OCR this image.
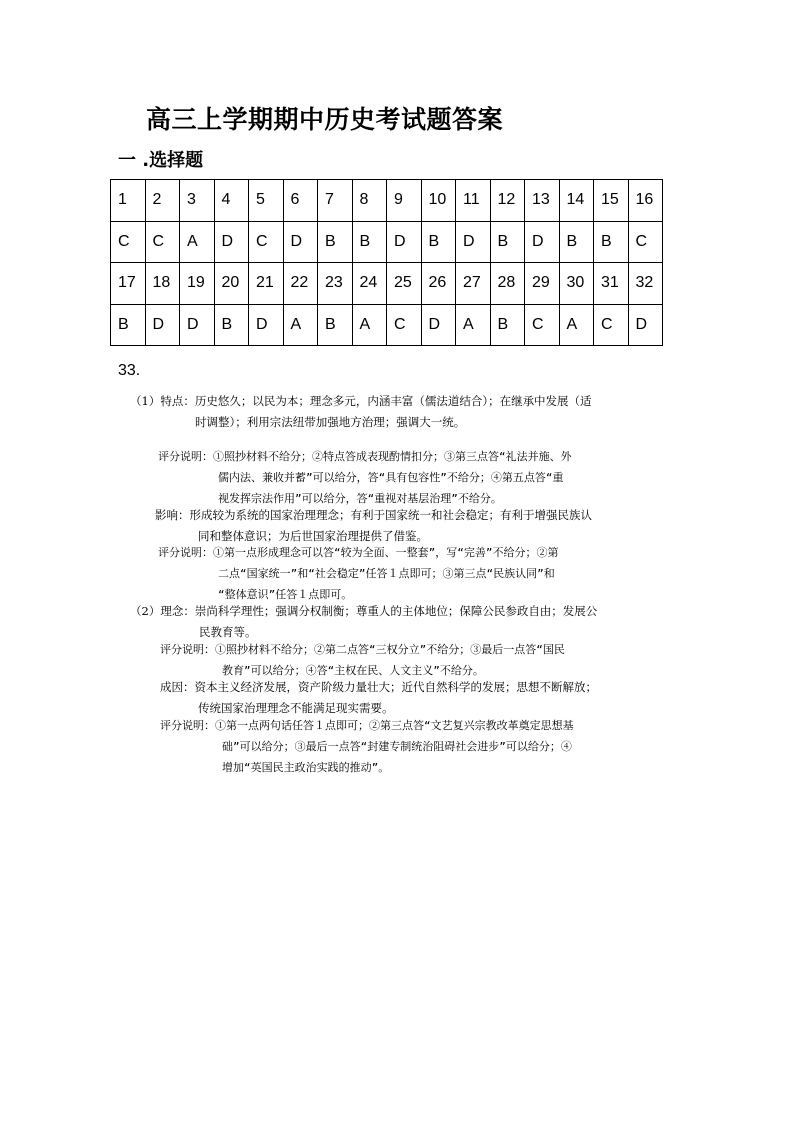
高三上学期期中历史考试题答案
一 .选择题
1	2	3	4	5	6	7	8	9	10	11	12	13	14	15	16
C	C	A	D	C	D	B	B	D	B	D	B	D	B	B	C
17	18	19	20	21	22	23	24	25	26	27	28	29	30	31	32
B	D	D	B	D	A	B	A	C	D	A	B	C	A	C	D
33.
（1）特点：历史悠久；以民为本；理念多元，内涵丰富（儒法道结合）；在继承中发展（适
时调整）；利用宗法纽带加强地方治理；强调大一统。
评分说明：①照抄材料不给分；②特点答成表现酌情扣分；③第三点答“礼法并施、外
儒内法、兼收并蓄”可以给分，答“具有包容性”不给分；④第五点答“重
视发挥宗法作用”可以给分，答“重视对基层治理”不给分。
影响：形成较为系统的国家治理理念；有利于国家统一和社会稳定；有利于增强民族认
同和整体意识；为后世国家治理提供了借鉴。
评分说明：①第一点形成理念可以答“较为全面、一整套”，写“完善”不给分；②第
二点“国家统一”和“社会稳定”任答１点即可；③第三点“民族认同”和
“整体意识”任答１点即可。
（2）理念：崇尚科学理性；强调分权制衡；尊重人的主体地位；保障公民参政自由；发展公
民教育等。
评分说明：①照抄材料不给分；②第二点答“三权分立”不给分；③最后一点答“国民
教育”可以给分；④答“主权在民、人文主义”不给分。
成因：资本主义经济发展，资产阶级力量壮大；近代自然科学的发展；思想不断解放；
传统国家治理理念不能满足现实需要。
评分说明：①第一点两句话任答１点即可；②第三点答“文艺复兴宗教改革奠定思想基
础”可以给分；③最后一点答“封建专制统治阻碍社会进步”可以给分；④
增加“英国民主政治实践的推动”。
